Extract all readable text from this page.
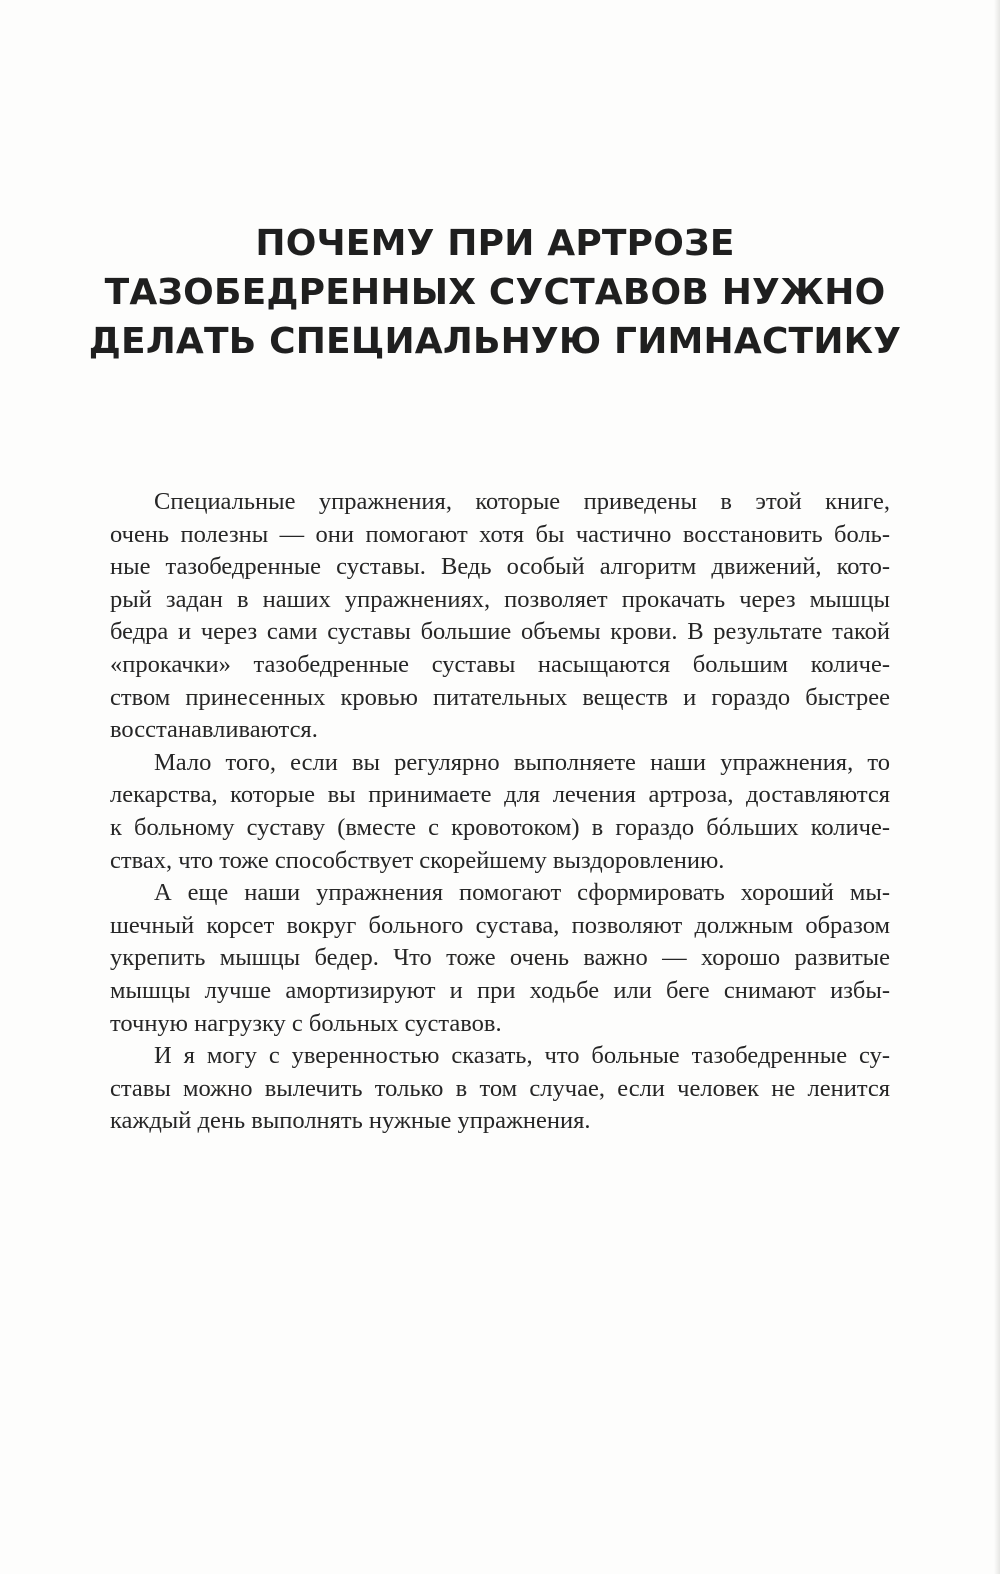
ПОЧЕМУ ПРИ АРТРОЗЕ
ТАЗОБЕДРЕННЫХ СУСТАВОВ НУЖНО
ДЕЛАТЬ СПЕЦИАЛЬНУЮ ГИМНАСТИКУ

Специальные упражнения, которые приведены в этой книге,
очень полезны — они помогают хотя бы частично восстановить боль-
ные тазобедренные суставы. Ведь особый алгоритм движений, кото-
рый задан в наших упражнениях, позволяет прокачать через мышцы
бедра и через сами суставы большие объемы крови. В результате такой
«прокачки» тазобедренные суставы насыщаются большим количе-
ством принесенных кровью питательных веществ и гораздо быстрее
восстанавливаются.

Мало того, если вы регулярно выполняете наши упражнения, то
лекарства, которые вы принимаете для лечения артроза, доставляются
к больному суставу (вместе с кровотоком) в гораздо бóльших количе-
ствах, что тоже способствует скорейшему выздоровлению.

А еще наши упражнения помогают сформировать хороший мы-
шечный корсет вокруг больного сустава, позволяют должным образом
укрепить мышцы бедер. Что тоже очень важно — хорошо развитые
мышцы лучше амортизируют и при ходьбе или беге снимают избы-
точную нагрузку с больных суставов.

И я могу с уверенностью сказать, что больные тазобедренные су-
ставы можно вылечить только в том случае, если человек не ленится
каждый день выполнять нужные упражнения.
